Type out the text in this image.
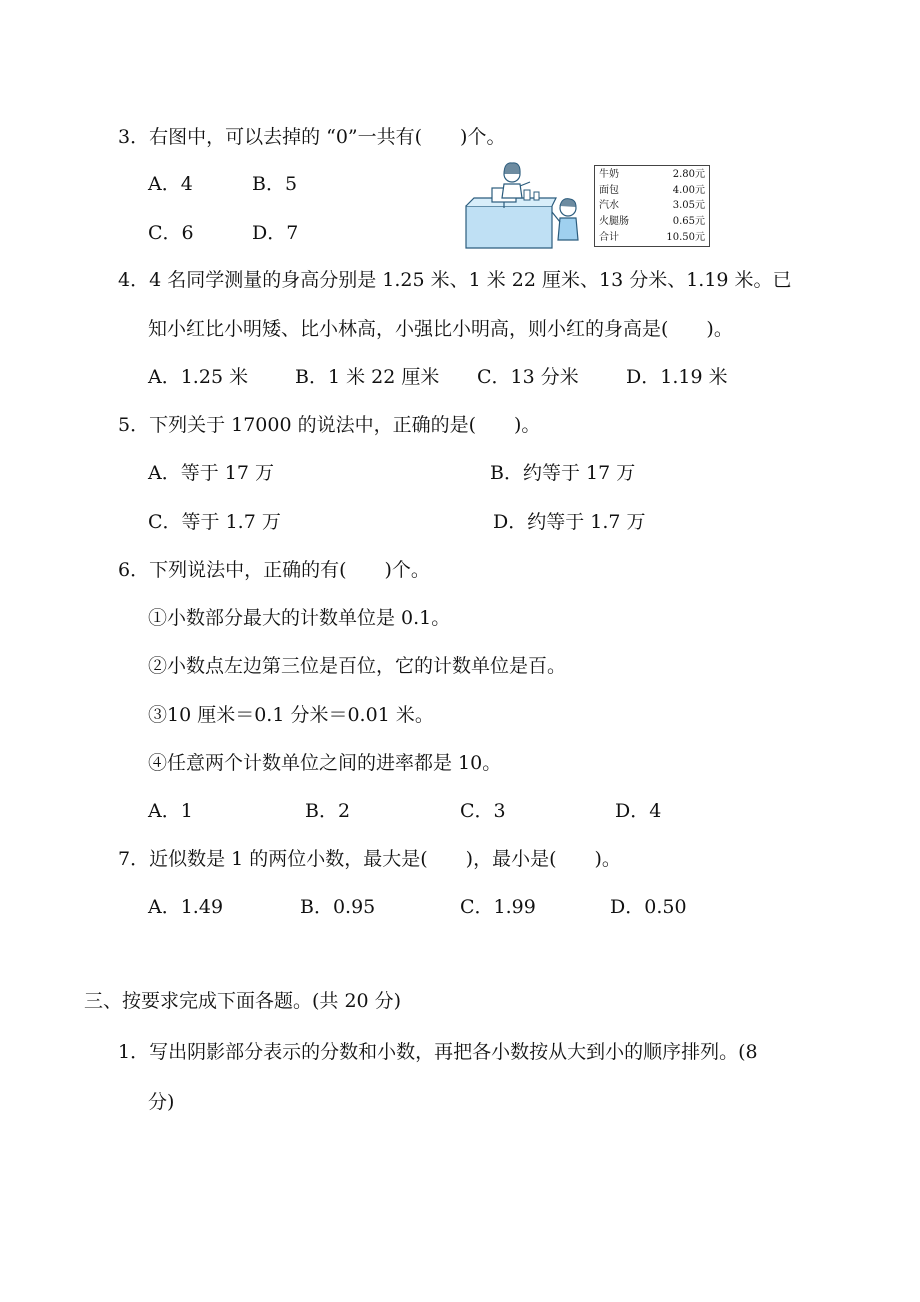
3．右图中，可以去掉的 “0”一共有(　　)个。
A．4	B．5
C．6	D．7
牛奶	2.80元
面包	4.00元
汽水	3.05元
火腿肠	0.65元
合计	10.50元
4．4 名同学测量的身高分别是 1.25 米、1 米 22 厘米、13 分米、1.19 米。已
知小红比小明矮、比小林高，小强比小明高，则小红的身高是(　　)。
A．1.25 米 B．1 米 22 厘米 C．13 分米 D．1.19 米
5．下列关于 17000 的说法中，正确的是(　　)。
A．等于 17 万	B．约等于 17 万
C．等于 1.7 万	D．约等于 1.7 万
6．下列说法中，正确的有(　　)个。
①小数部分最大的计数单位是 0.1。
②小数点左边第三位是百位，它的计数单位是百。
③10 厘米＝0.1 分米＝0.01 米。
④任意两个计数单位之间的进率都是 10。
A．1	B．2	C．3	D．4
7．近似数是 1 的两位小数，最大是(　　)，最小是(　　)。
A．1.49	B．0.95	C．1.99	D．0.50
三、按要求完成下面各题。(共 20 分)
1．写出阴影部分表示的分数和小数，再把各小数按从大到小的顺序排列。(8
分)
